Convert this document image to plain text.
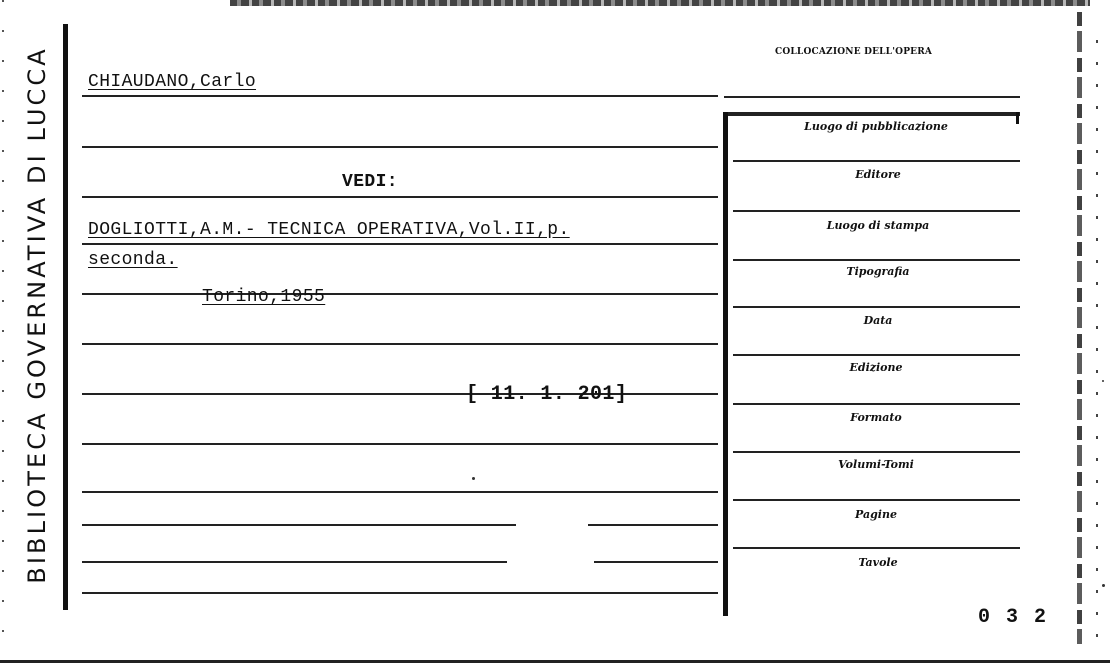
BIBLIOTECA GOVERNATIVA DI LUCCA CHIAUDANO,Carlo
VEDI:
DOGLIOTTI,A.M.- TECNICA OPERATIVA,Vol.II,p.
seconda.
Torino,1955
[ 11. 1. 201]
COLLOCAZIONE DELL'OPERA
Luogo di pubblicazione
Editore
Luogo di stampa
Tipografia
Data
Edizione
Formato
Volumi-Tomi
Pagine
Tavole
0 3 2
